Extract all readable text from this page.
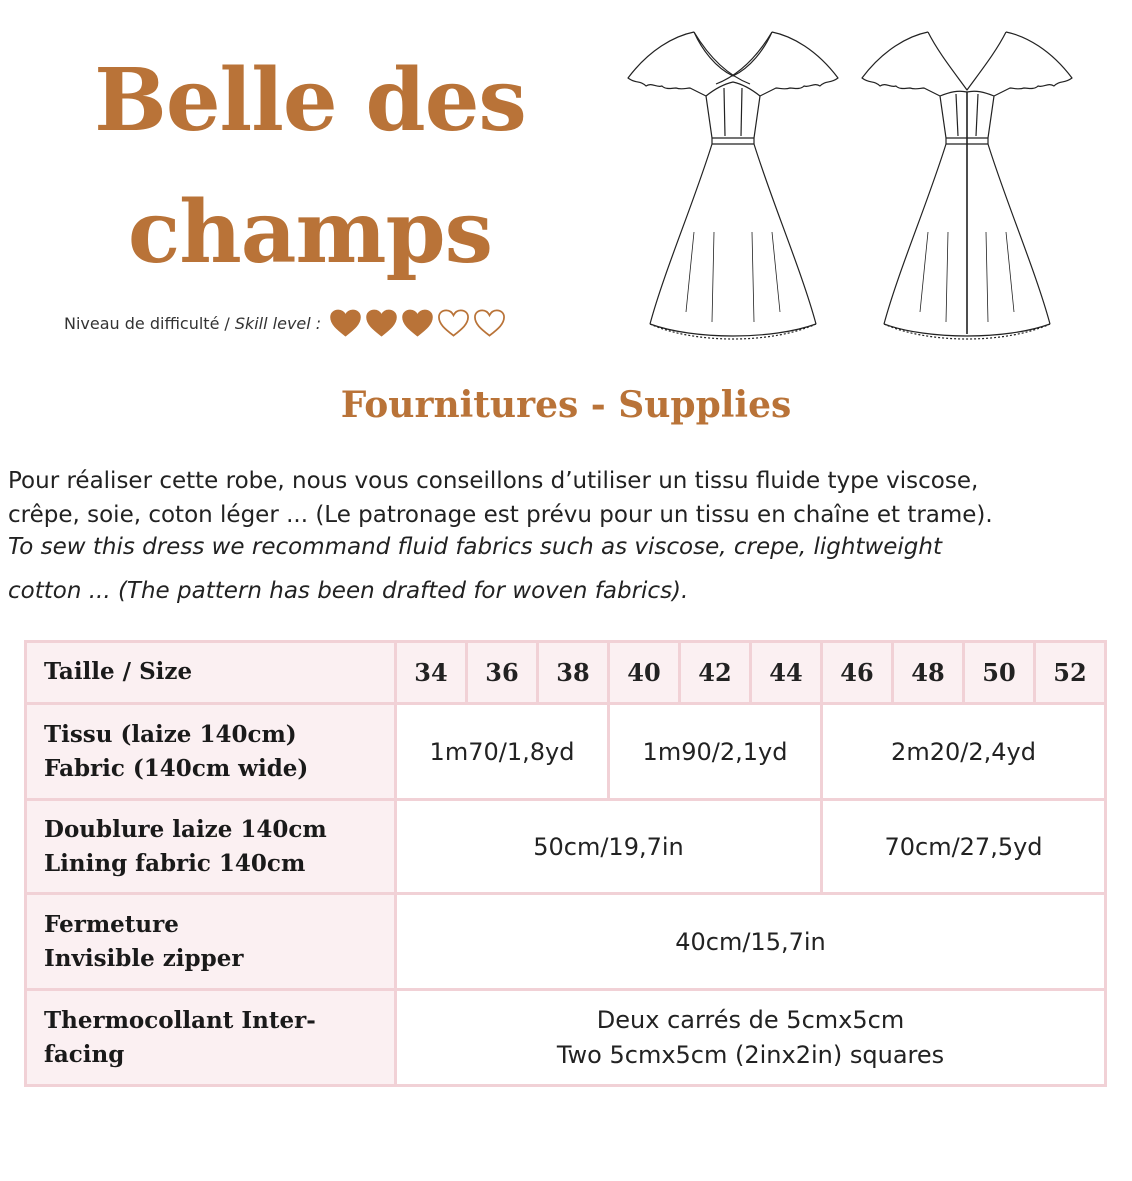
Belle des
champs
Niveau de difficulté / Skill level :
Fournitures - Supplies

Pour réaliser cette robe, nous vous conseillons d’utiliser un tissu fluide type viscose,

crêpe, soie, coton léger ... (Le patronage est prévu pour un tissu en chaîne et trame).

To sew this dress we recommand fluid fabrics such as viscose, crepe, lightweight

cotton ... (The pattern has been drafted for woven fabrics).

Taille / Size	34	36	38	40	42	44	46	48	50	52

Tissu (laize 140cm)
Fabric (140cm wide)	1m70/1,8yd			1m90/2,1yd			2m20/2,4yd			

Doublure laize 140cm
Lining fabric 140cm	50cm/19,7in						70cm/27,5yd			

Fermeture
Invisible zipper	40cm/15,7in									

Thermocollant Inter-
facing	Deux carrés de 5cmx5cm
Two 5cmx5cm (2inx2in) squares									
